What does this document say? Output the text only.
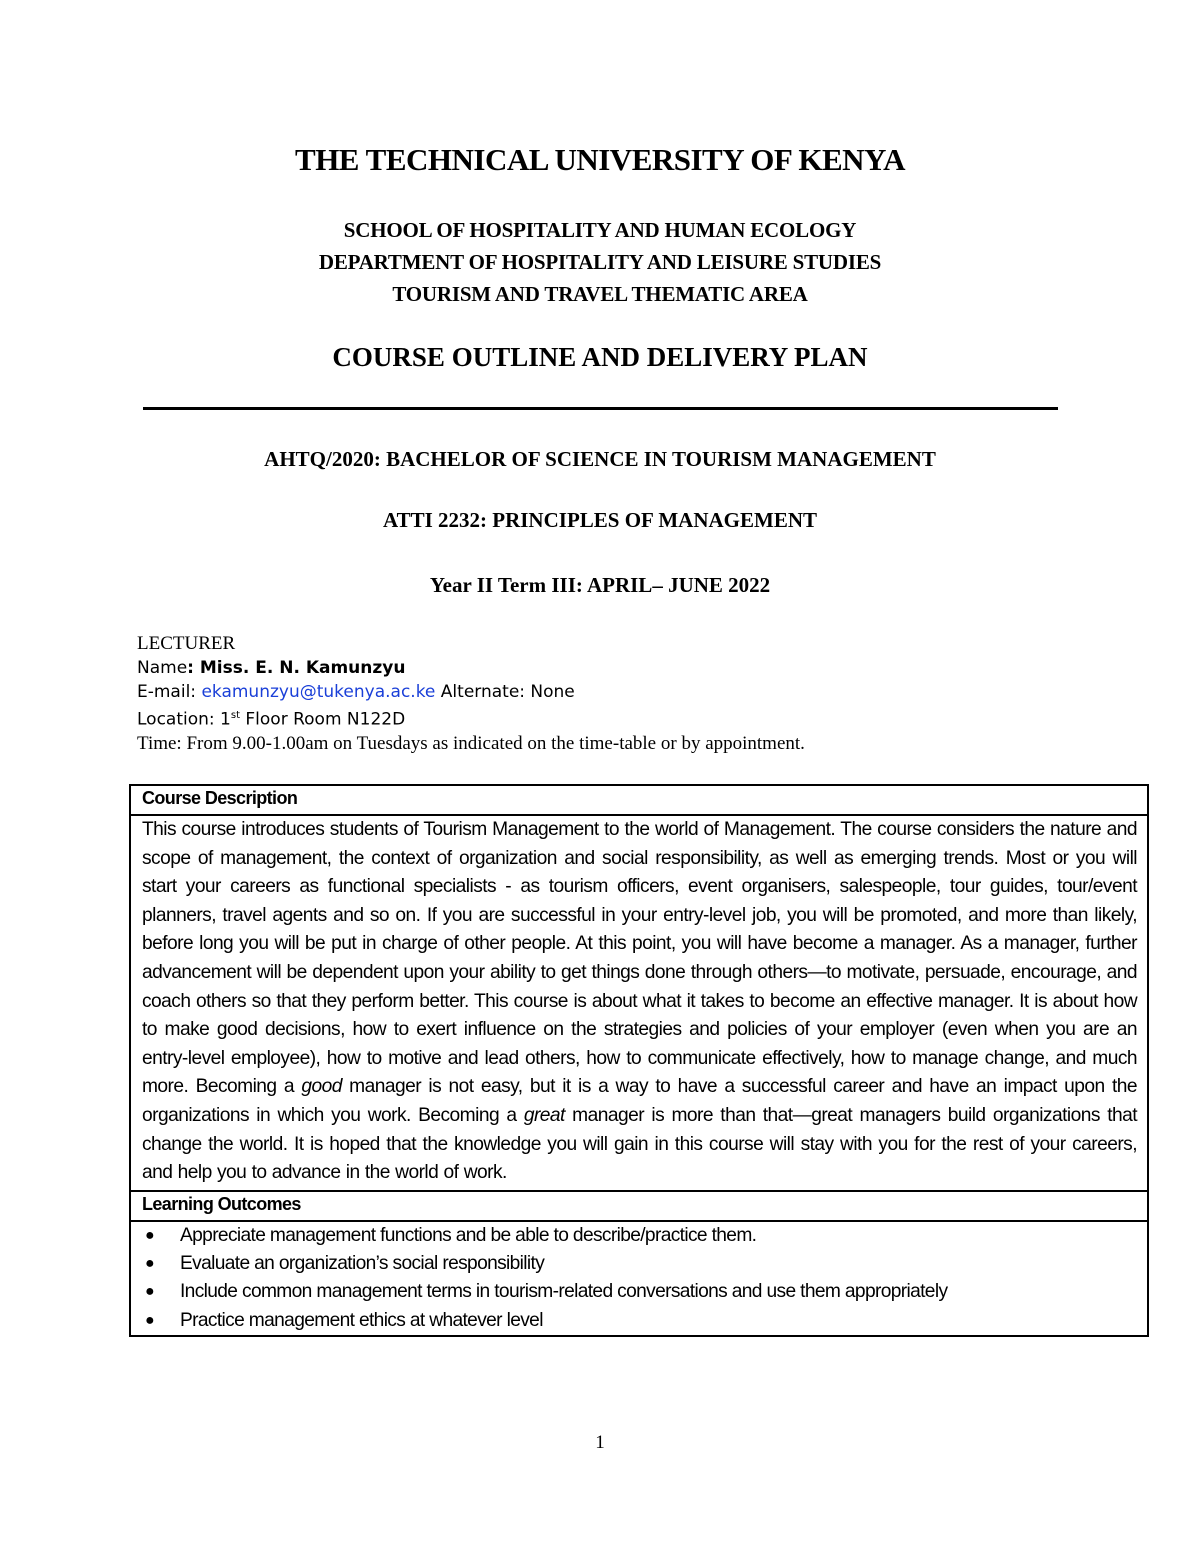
THE TECHNICAL UNIVERSITY OF KENYA
SCHOOL OF HOSPITALITY AND HUMAN ECOLOGY
DEPARTMENT OF HOSPITALITY AND LEISURE STUDIES
TOURISM AND TRAVEL THEMATIC AREA
COURSE OUTLINE AND DELIVERY PLAN
AHTQ/2020: BACHELOR OF SCIENCE IN TOURISM MANAGEMENT
ATTI 2232: PRINCIPLES OF MANAGEMENT
Year II Term III: APRIL– JUNE 2022
LECTURER
Name: Miss. E. N. Kamunzyu
E-mail: ekamunzyu@tukenya.ac.ke Alternate: None
Location: 1st Floor Room N122D
Time: From 9.00-1.00am on Tuesdays as indicated on the time-table or by appointment.
Course Description
This course introduces students of Tourism Management to the world of Management. The course considers the nature and scope of management, the context of organization and social responsibility, as well as emerging trends. Most or you will start your careers as functional specialists - as tourism officers, event organisers, salespeople, tour guides, tour/event planners, travel agents and so on. If you are successful in your entry-level job, you will be promoted, and more than likely, before long you will be put in charge of other people. At this point, you will have become a manager. As a manager, further advancement will be dependent upon your ability to get things done through others—to motivate, persuade, encourage, and coach others so that they perform better. This course is about what it takes to become an effective manager. It is about how to make good decisions, how to exert influence on the strategies and policies of your employer (even when you are an entry-level employee), how to motive and lead others, how to communicate effectively, how to manage change, and much more. Becoming a good manager is not easy, but it is a way to have a successful career and have an impact upon the organizations in which you work. Becoming a great manager is more than that—great managers build organizations that change the world. It is hoped that the knowledge you will gain in this course will stay with you for the rest of your careers, and help you to advance in the world of work.
Learning Outcomes

● Appreciate management functions and be able to describe/practice them.
● Evaluate an organization’s social responsibility
● Include common management terms in tourism-related conversations and use them appropriately
● Practice management ethics at whatever level
1
